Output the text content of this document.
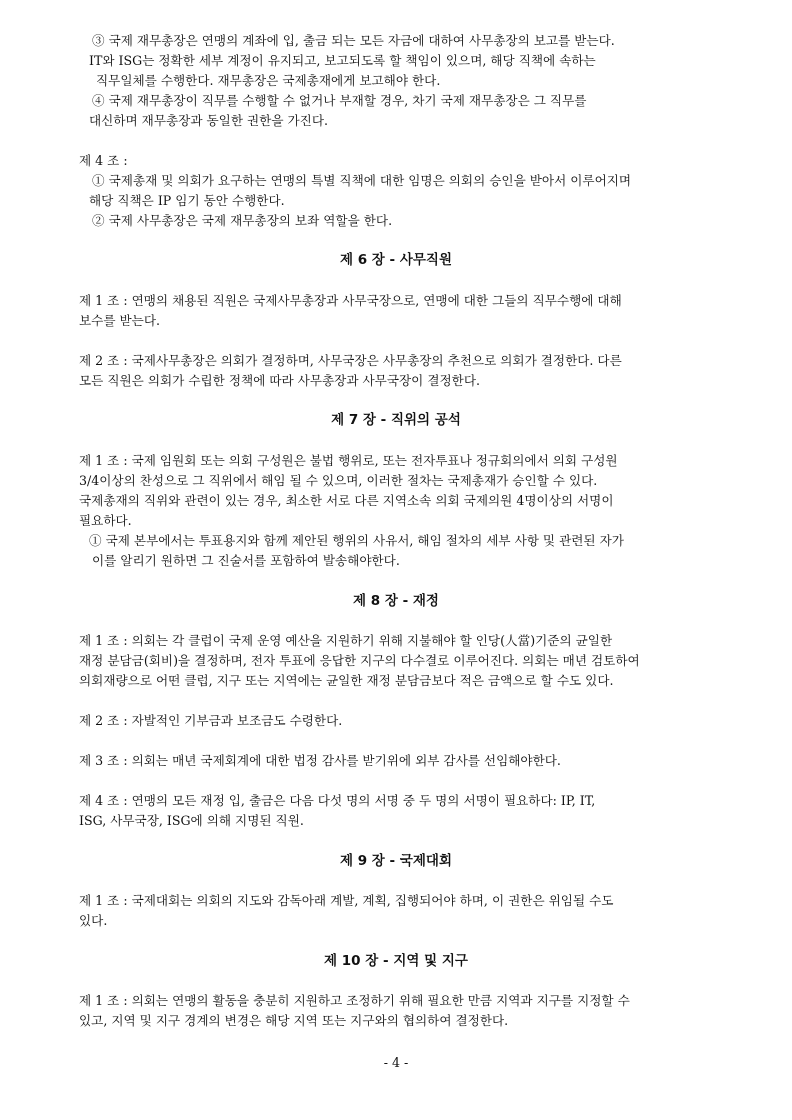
③ 국제 재무총장은 연맹의 계좌에 입, 출금 되는 모든 자금에 대하여 사무총장의 보고를 받는다.
IT와 ISG는 정확한 세부 계정이 유지되고, 보고되도록 할 책임이 있으며, 해당 직책에 속하는
직무일체를 수행한다. 재무총장은 국제총재에게 보고해야 한다.
④ 국제 재무총장이 직무를 수행할 수 없거나 부재할 경우, 차기 국제 재무총장은 그 직무를
대신하며 재무총장과 동일한 권한을 가진다.
제 4 조 :
① 국제총재 및 의회가 요구하는 연맹의 특별 직책에 대한 임명은 의회의 승인을 받아서 이루어지며
해당 직책은 IP 임기 동안 수행한다.
② 국제 사무총장은 국제 재무총장의 보좌 역할을 한다.
제 6 장 - 사무직원
제 1 조 : 연맹의 채용된 직원은 국제사무총장과 사무국장으로, 연맹에 대한 그들의 직무수행에 대해
보수를 받는다.
제 2 조 : 국제사무총장은 의회가 결정하며, 사무국장은 사무총장의 추천으로 의회가 결정한다. 다른
모든 직원은 의회가 수립한 정책에 따라 사무총장과 사무국장이 결정한다.
제 7 장 - 직위의 공석
제 1 조 : 국제 임원회 또는 의회 구성원은 불법 행위로, 또는 전자투표나 정규회의에서 의회 구성원
3/4이상의 찬성으로 그 직위에서 해임 될 수 있으며, 이러한 절차는 국제총재가 승인할 수 있다.
국제총재의 직위와 관련이 있는 경우, 최소한 서로 다른 지역소속 의회 국제의원 4명이상의 서명이
필요하다.
① 국제 본부에서는 투표용지와 함께 제안된 행위의 사유서, 해임 절차의 세부 사항 및 관련된 자가
이를 알리기 원하면 그 진술서를 포함하여 발송해야한다.
제 8 장 - 재정
제 1 조 : 의회는 각 클럽이 국제 운영 예산을 지원하기 위해 지불해야 할 인당(人當)기준의 균일한
재정 분담금(회비)을 결정하며, 전자 투표에 응답한 지구의 다수결로 이루어진다. 의회는 매년 검토하여
의회재량으로 어떤 클럽, 지구 또는 지역에는 균일한 재정 분담금보다 적은 금액으로 할 수도 있다.
제 2 조 : 자발적인 기부금과 보조금도 수령한다.
제 3 조 : 의회는 매년 국제회계에 대한 법정 감사를 받기위에 외부 감사를 선임해야한다.
제 4 조 : 연맹의 모든 재정 입, 출금은 다음 다섯 명의 서명 중 두 명의 서명이 필요하다: IP, IT,
ISG, 사무국장, ISG에 의해 지명된 직원.
제 9 장 - 국제대회
제 1 조 : 국제대회는 의회의 지도와 감독아래 계발, 계획, 집행되어야 하며, 이 권한은 위임될 수도
있다.
제 10 장 - 지역 및 지구
제 1 조 : 의회는 연맹의 활동을 충분히 지원하고 조정하기 위해 필요한 만큼 지역과 지구를 지정할 수
있고, 지역 및 지구 경계의 변경은 해당 지역 또는 지구와의 협의하여 결정한다.
- 4 -
